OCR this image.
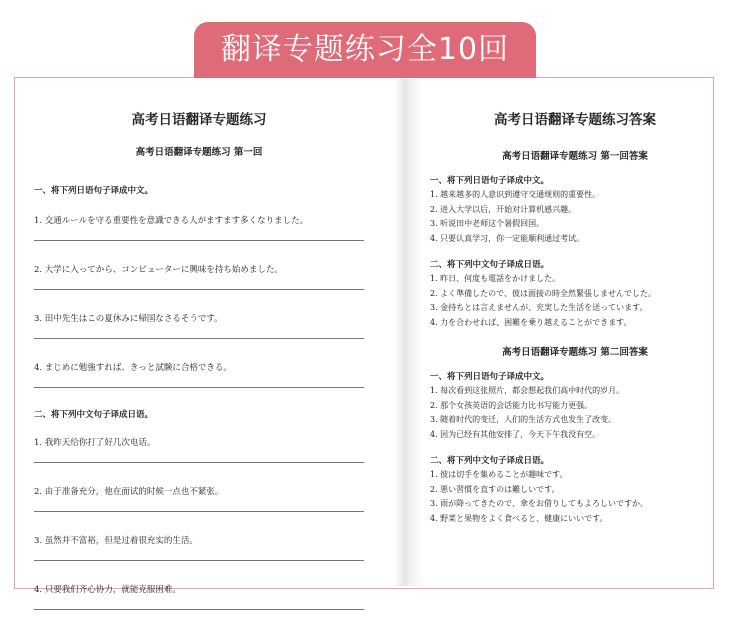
翻译专题练习全10回
高考日语翻译专题练习
高考日语翻译专题练习 第一回
一、将下列日语句子译成中文。
1. 交通ルールを守る重要性を意識できる人がますます多くなりました。
2. 大学に入ってから、コンピューターに興味を持ち始めました。
3. 田中先生はこの夏休みに帰国なさるそうです。
4. まじめに勉強すれば、きっと試験に合格できる。
二、将下列中文句子译成日语。
1. 我昨天给你打了好几次电话。
2. 由于准备充分，他在面试的时候一点也不紧张。
3. 虽然并不富裕，但是过着很充实的生活。
4. 只要我们齐心协力，就能克服困难。
高考日语翻译专题练习答案
高考日语翻译专题练习 第一回答案
一、将下列日语句子译成中文。
1. 越来越多的人意识到遵守交通规则的重要性。
2. 进入大学以后，开始对计算机感兴趣。
3. 听说田中老师这个暑假回国。
4. 只要认真学习，你一定能顺利通过考试。
二、将下列中文句子译成日语。
1. 昨日、何度も電話をかけました。
2. よく準備したので、彼は面接の時全然緊張しませんでした。
3. 金持ちとは言えませんが、充実した生活を送っています。
4. 力を合わせれば、困難を乗り越えることができます。
高考日语翻译专题练习 第二回答案
一、将下列日语句子译成中文。
1. 每次看到这张照片，都会想起我们高中时代的岁月。
2. 那个女孩英语的会话能力比书写能力更强。
3. 随着时代的变迁，人们的生活方式也发生了改变。
4. 因为已经有其他安排了，今天下午我没有空。
二、将下列中文句子译成日语。
1. 彼は切手を集めることが趣味です。
2. 悪い習慣を直すのは難しいです。
3. 雨が降ってきたので、傘をお借りしてもよろしいですか。
4. 野菜と果物をよく食べると、健康にいいです。
